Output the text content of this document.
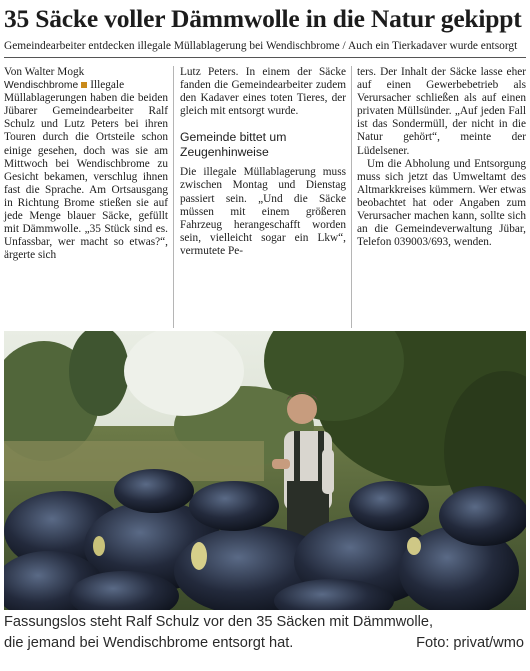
35 Säcke voller Dämmwolle in die Natur gekippt
Gemeindearbeiter entdecken illegale Müllablagerung bei Wendischbrome / Auch ein Tierkadaver wurde entsorgt
Von Walter Mogk

Wendischbrome Illegale Müllablagerungen haben die beiden Jübarer Gemeindearbeiter Ralf Schulz und Lutz Peters bei ihren Touren durch die Ortsteile schon einige gesehen, doch was sie am Mittwoch bei Wendischbrome zu Gesicht bekamen, verschlug ihnen fast die Sprache. Am Ortsausgang in Richtung Brome stießen sie auf jede Menge blauer Säcke, gefüllt mit Dämmwolle. „35 Stück sind es. Unfassbar, wer macht so etwas?“, ärgerte sich

Lutz Peters. In einem der Säcke fanden die Gemeindearbeiter zudem den Kadaver eines toten Tieres, der gleich mit entsorgt wurde.

Gemeinde bittet um Zeugenhinweise

Die illegale Müllablagerung muss zwischen Montag und Dienstag passiert sein. „Und die Säcke müssen mit einem größeren Fahrzeug herangeschafft worden sein, vielleicht sogar ein Lkw“, vermutete Pe-

ters. Der Inhalt der Säcke lasse eher auf einen Gewerbebetrieb als Verursacher schließen als auf einen privaten Müllsünder. „Auf jeden Fall ist das Sondermüll, der nicht in die Natur gehört“, meinte der Lüdelsener.

Um die Abholung und Entsorgung muss sich jetzt das Umweltamt des Altmarkkreises kümmern. Wer etwas beobachtet hat oder Angaben zum Verursacher machen kann, sollte sich an die Gemeindeverwaltung Jübar, Telefon 039003/693, wenden.

Fassungslos steht Ralf Schulz vor den 35 Säcken mit Dämmwolle,
die jemand bei Wendischbrome entsorgt hat.	Foto: privat/wmo
